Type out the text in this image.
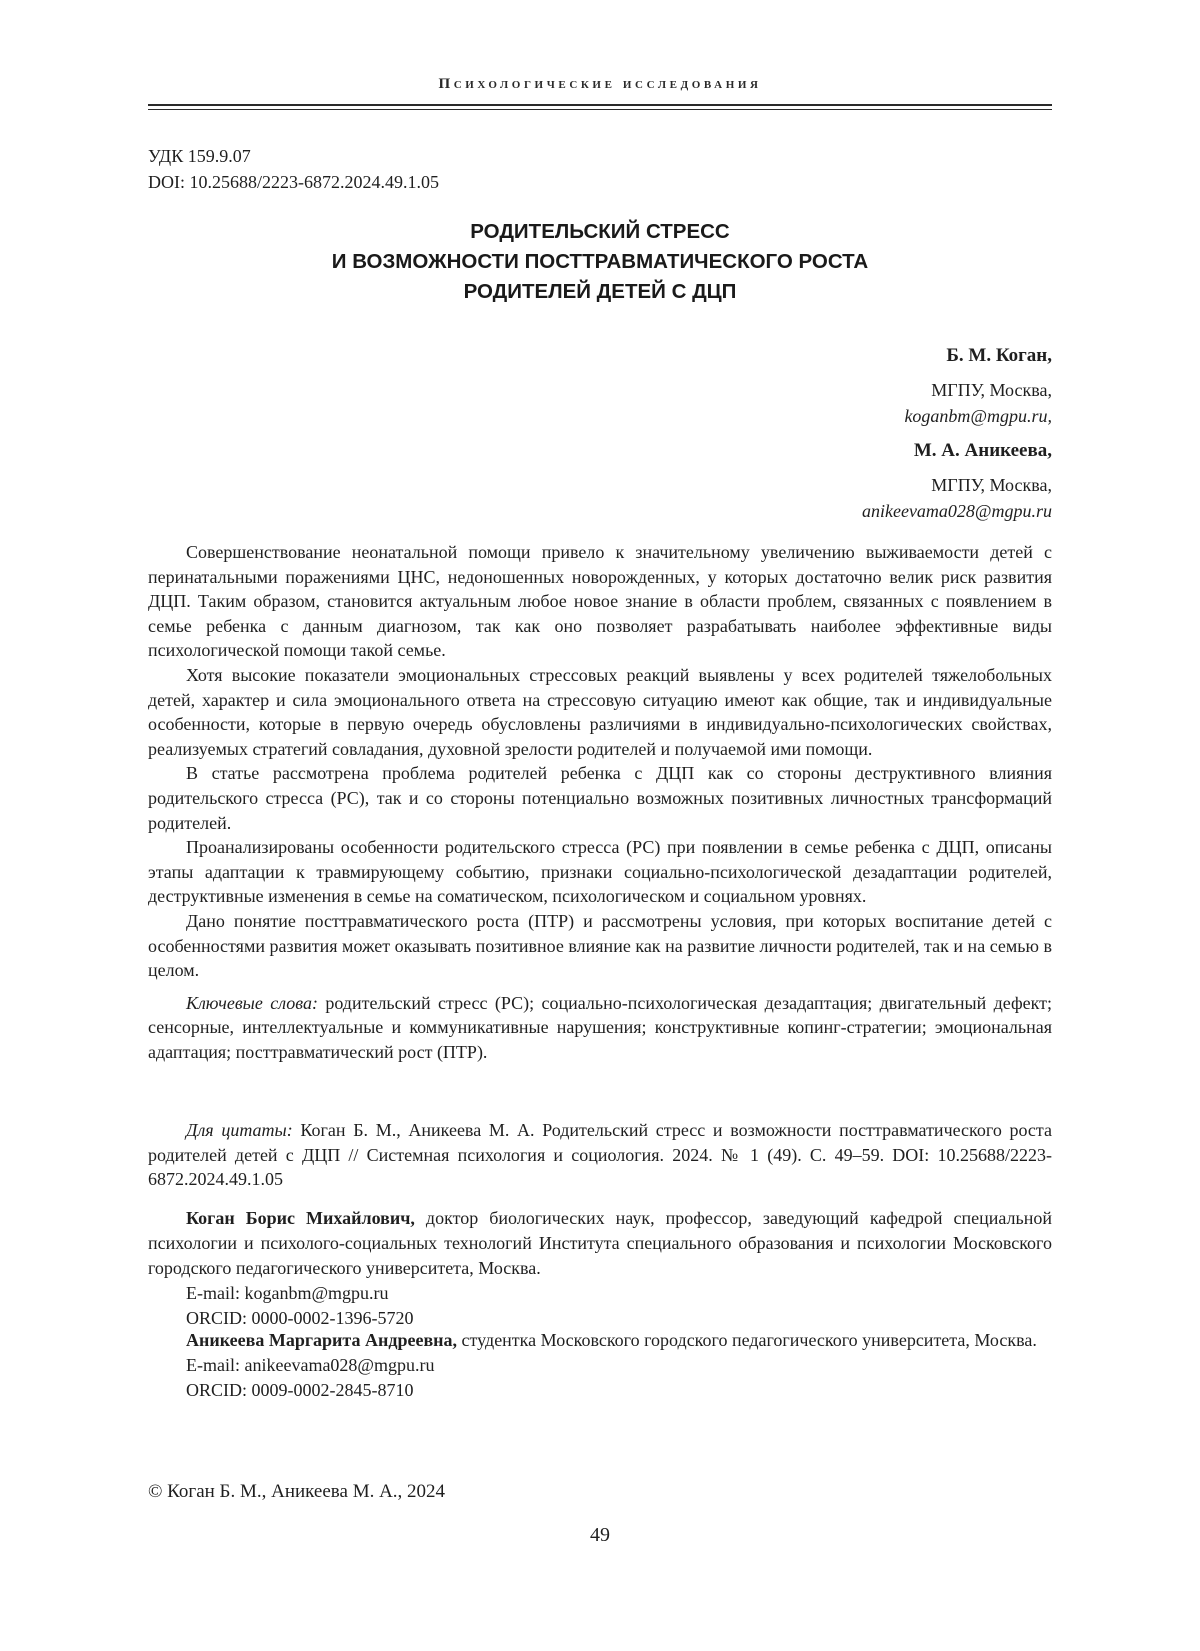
Психологические исследования
УДК 159.9.07
DOI: 10.25688/2223-6872.2024.49.1.05
РОДИТЕЛЬСКИЙ СТРЕСС
И ВОЗМОЖНОСТИ ПОСТТРАВМАТИЧЕСКОГО РОСТА
РОДИТЕЛЕЙ ДЕТЕЙ С ДЦП
Б. М. Коган,
МГПУ, Москва,
koganbm@mgpu.ru,
М. А. Аникеева,
МГПУ, Москва,
anikeevama028@mgpu.ru

Совершенствование неонатальной помощи привело к значительному увеличению выживаемости детей с перинатальными поражениями ЦНС, недоношенных новорожденных, у которых достаточно велик риск развития ДЦП. Таким образом, становится актуальным любое новое знание в области проблем, связанных с появлением в семье ребенка с данным диагнозом, так как оно позволяет разрабатывать наиболее эффективные виды психологической помощи такой семье.

Хотя высокие показатели эмоциональных стрессовых реакций выявлены у всех родителей тяжелобольных детей, характер и сила эмоционального ответа на стрессовую ситуацию имеют как общие, так и индивидуальные особенности, которые в первую очередь обусловлены различиями в индивидуально-психологических свойствах, реализуемых стратегий совладания, духовной зрелости родителей и получаемой ими помощи.

В статье рассмотрена проблема родителей ребенка с ДЦП как со стороны деструктивного влияния родительского стресса (РС), так и со стороны потенциально возможных позитивных личностных трансформаций родителей.

Проанализированы особенности родительского стресса (РС) при появлении в семье ребенка с ДЦП, описаны этапы адаптации к травмирующему событию, признаки социально-психологической дезадаптации родителей, деструктивные изменения в семье на соматическом, психологическом и социальном уровнях.

Дано понятие посттравматического роста (ПТР) и рассмотрены условия, при которых воспитание детей с особенностями развития может оказывать позитивное влияние как на развитие личности родителей, так и на семью в целом.

Ключевые слова: родительский стресс (РС); социально-психологическая дезадаптация; двигательный дефект; сенсорные, интеллектуальные и коммуникативные нарушения; конструктивные копинг-стратегии; эмоциональная адаптация; посттравматический рост (ПТР).

Для цитаты: Коган Б. М., Аникеева М. А. Родительский стресс и возможности посттравматического роста родителей детей с ДЦП // Системная психология и социология. 2024. № 1 (49). С. 49–59. DOI: 10.25688/2223-6872.2024.49.1.05

Коган Борис Михайлович, доктор биологических наук, профессор, заведующий кафедрой специальной психологии и психолого-социальных технологий Института специального образования и психологии Московского городского педагогического университета, Москва.

E-mail: koganbm@mgpu.ru

ORCID: 0000-0002-1396-5720

Аникеева Маргарита Андреевна, студентка Московского городского педагогического университета, Москва.

E-mail: anikeevama028@mgpu.ru

ORCID: 0009-0002-2845-8710

© Коган Б. М., Аникеева М. А., 2024
49
